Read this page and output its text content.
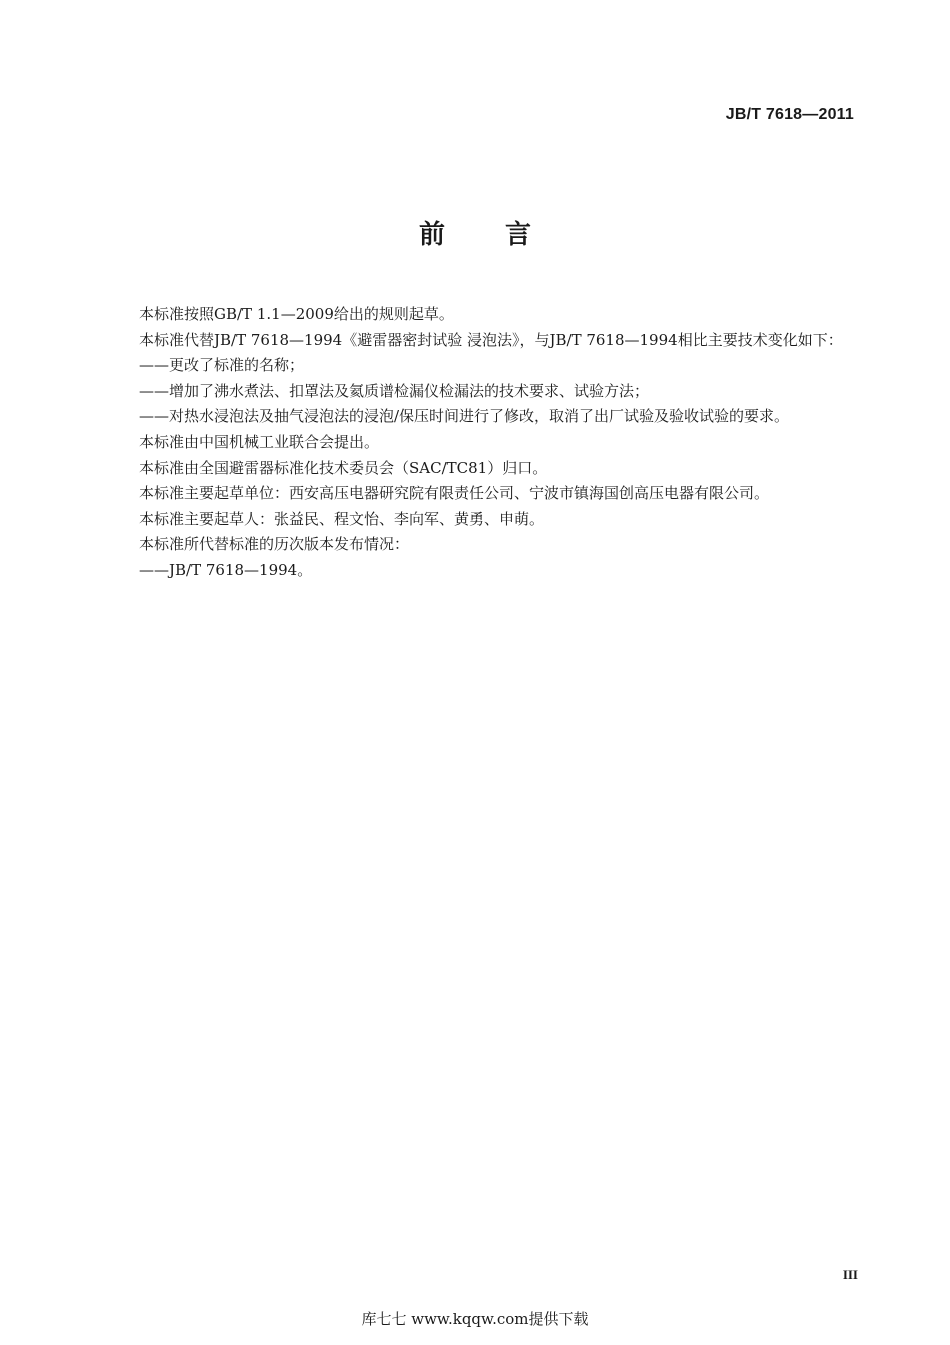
JB/T 7618—2011
前言

本标准按照GB/T 1.1—2009给出的规则起草。

本标准代替JB/T 7618—1994《避雷器密封试验 浸泡法》，与JB/T 7618—1994相比主要技术变化如下：

——更改了标准的名称；

——增加了沸水煮法、扣罩法及氦质谱检漏仪检漏法的技术要求、试验方法；

——对热水浸泡法及抽气浸泡法的浸泡/保压时间进行了修改，取消了出厂试验及验收试验的要求。

本标准由中国机械工业联合会提出。

本标准由全国避雷器标准化技术委员会（SAC/TC81）归口。

本标准主要起草单位：西安高压电器研究院有限责任公司、宁波市镇海国创高压电器有限公司。

本标准主要起草人：张益民、程文怡、李向军、黄勇、申萌。

本标准所代替标准的历次版本发布情况：

——JB/T 7618—1994。

III
库七七 www.kqqw.com提供下载
